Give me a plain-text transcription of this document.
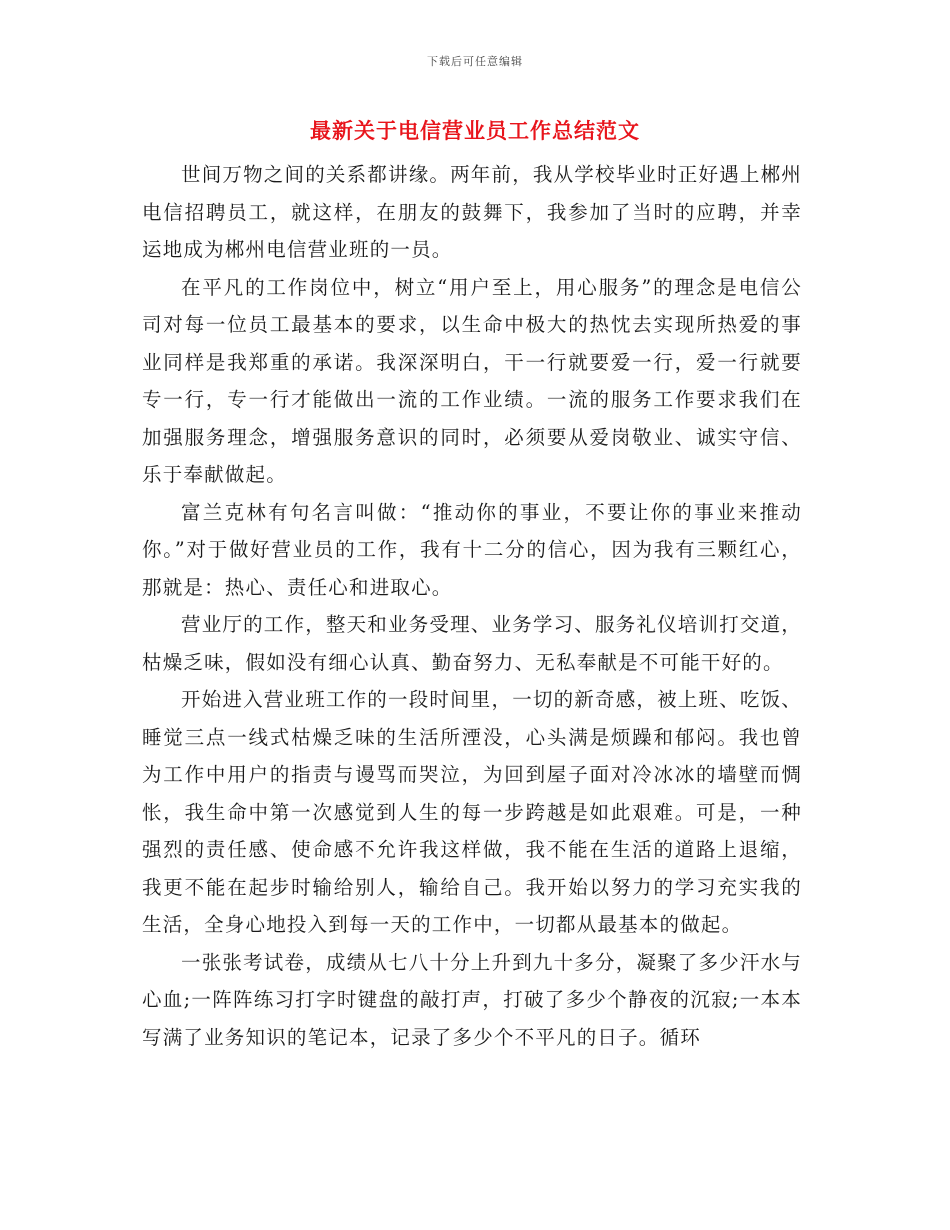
下载后可任意编辑
最新关于电信营业员工作总结范文

世间万物之间的关系都讲缘。两年前，我从学校毕业时正好遇上郴州电信招聘员工，就这样，在朋友的鼓舞下，我参加了当时的应聘，并幸运地成为郴州电信营业班的一员。

在平凡的工作岗位中，树立“用户至上，用心服务”的理念是电信公司对每一位员工最基本的要求，以生命中极大的热忱去实现所热爱的事业同样是我郑重的承诺。我深深明白，干一行就要爱一行，爱一行就要专一行，专一行才能做出一流的工作业绩。一流的服务工作要求我们在加强服务理念，增强服务意识的同时，必须要从爱岗敬业、诚实守信、乐于奉献做起。

富兰克林有句名言叫做：“推动你的事业，不要让你的事业来推动你。”对于做好营业员的工作，我有十二分的信心，因为我有三颗红心，那就是：热心、责任心和进取心。

营业厅的工作，整天和业务受理、业务学习、服务礼仪培训打交道，枯燥乏味，假如没有细心认真、勤奋努力、无私奉献是不可能干好的。

开始进入营业班工作的一段时间里，一切的新奇感，被上班、吃饭、睡觉三点一线式枯燥乏味的生活所湮没，心头满是烦躁和郁闷。我也曾为工作中用户的指责与谩骂而哭泣，为回到屋子面对冷冰冰的墙壁而惆怅，我生命中第一次感觉到人生的每一步跨越是如此艰难。可是，一种强烈的责任感、使命感不允许我这样做，我不能在生活的道路上退缩，我更不能在起步时输给别人，输给自己。我开始以努力的学习充实我的生活，全身心地投入到每一天的工作中，一切都从最基本的做起。

一张张考试卷，成绩从七八十分上升到九十多分，凝聚了多少汗水与心血;一阵阵练习打字时键盘的敲打声，打破了多少个静夜的沉寂;一本本写满了业务知识的笔记本，记录了多少个不平凡的日子。循环
